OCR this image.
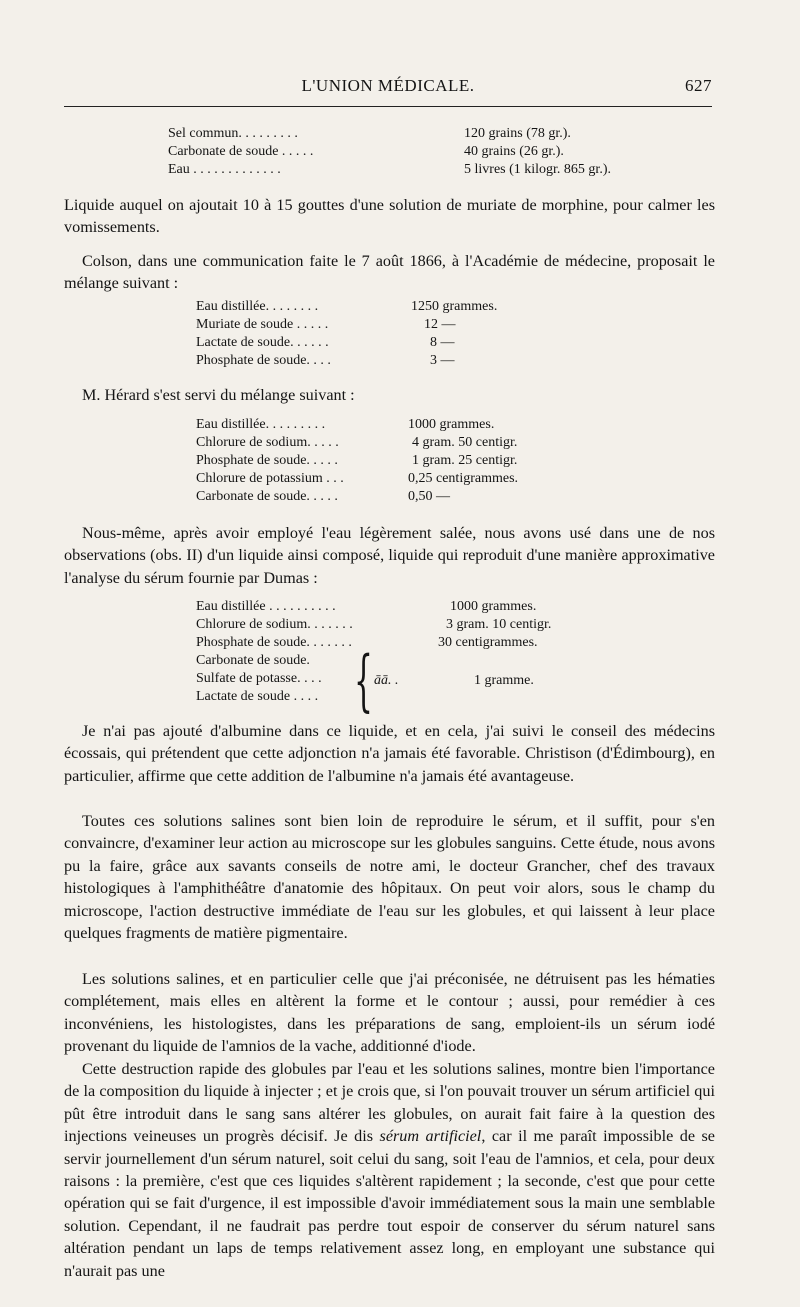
L'UNION MÉDICALE.	627
Sel commun. . . . . . . . .	120 grains (78 gr.).
Carbonate de soude . . . . .	40 grains (26 gr.).
Eau . . . . . . . . . . . . .	5 livres (1 kilogr. 865 gr.).
Liquide auquel on ajoutait 10 à 15 gouttes d'une solution de muriate de morphine, pour calmer les vomissements.
Colson, dans une communication faite le 7 août 1866, à l'Académie de médecine, proposait le mélange suivant :
Eau distillée. . . . . . . .	1250 grammes.
Muriate de soude . . . . .	12 —
Lactate de soude. . . . . .	8 —
Phosphate de soude. . . .	3 —
M. Hérard s'est servi du mélange suivant :
Eau distillée. . . . . . . . .	1000 grammes.
Chlorure de sodium. . . . .	4 gram. 50 centigr.
Phosphate de soude. . . . .	1 gram. 25 centigr.
Chlorure de potassium . . .	0,25 centigrammes.
Carbonate de soude. . . . .	0,50 —
Nous-même, après avoir employé l'eau légèrement salée, nous avons usé dans une de nos observations (obs. II) d'un liquide ainsi composé, liquide qui reproduit d'une manière approximative l'analyse du sérum fournie par Dumas :
Eau distillée . . . . . . . . . .	1000 grammes.
Chlorure de sodium. . . . . . .	3 gram. 10 centigr.
Phosphate de soude. . . . . . .	30 centigrammes.
Carbonate de soude.
Sulfate de potasse. . . .
Lactate de soude . . . . { āā. .	1 gramme.
Je n'ai pas ajouté d'albumine dans ce liquide, et en cela, j'ai suivi le conseil des médecins écossais, qui prétendent que cette adjonction n'a jamais été favorable. Christison (d'Édimbourg), en particulier, affirme que cette addition de l'albumine n'a jamais été avantageuse.
Toutes ces solutions salines sont bien loin de reproduire le sérum, et il suffit, pour s'en convaincre, d'examiner leur action au microscope sur les globules sanguins. Cette étude, nous avons pu la faire, grâce aux savants conseils de notre ami, le docteur Grancher, chef des travaux histologiques à l'amphithéâtre d'anatomie des hôpitaux. On peut voir alors, sous le champ du microscope, l'action destructive immédiate de l'eau sur les globules, et qui laissent à leur place quelques fragments de matière pigmentaire.
Les solutions salines, et en particulier celle que j'ai préconisée, ne détruisent pas les hématies complétement, mais elles en altèrent la forme et le contour ; aussi, pour remédier à ces inconvéniens, les histologistes, dans les préparations de sang, emploient-ils un sérum iodé provenant du liquide de l'amnios de la vache, additionné d'iode.
Cette destruction rapide des globules par l'eau et les solutions salines, montre bien l'importance de la composition du liquide à injecter ; et je crois que, si l'on pouvait trouver un sérum artificiel qui pût être introduit dans le sang sans altérer les globules, on aurait fait faire à la question des injections veineuses un progrès décisif. Je dis sérum artificiel, car il me paraît impossible de se servir journellement d'un sérum naturel, soit celui du sang, soit l'eau de l'amnios, et cela, pour deux raisons : la première, c'est que ces liquides s'altèrent rapidement ; la seconde, c'est que pour cette opération qui se fait d'urgence, il est impossible d'avoir immédiatement sous la main une semblable solution. Cependant, il ne faudrait pas perdre tout espoir de conserver du sérum naturel sans altération pendant un laps de temps relativement assez long, en employant une substance qui n'aurait pas une
